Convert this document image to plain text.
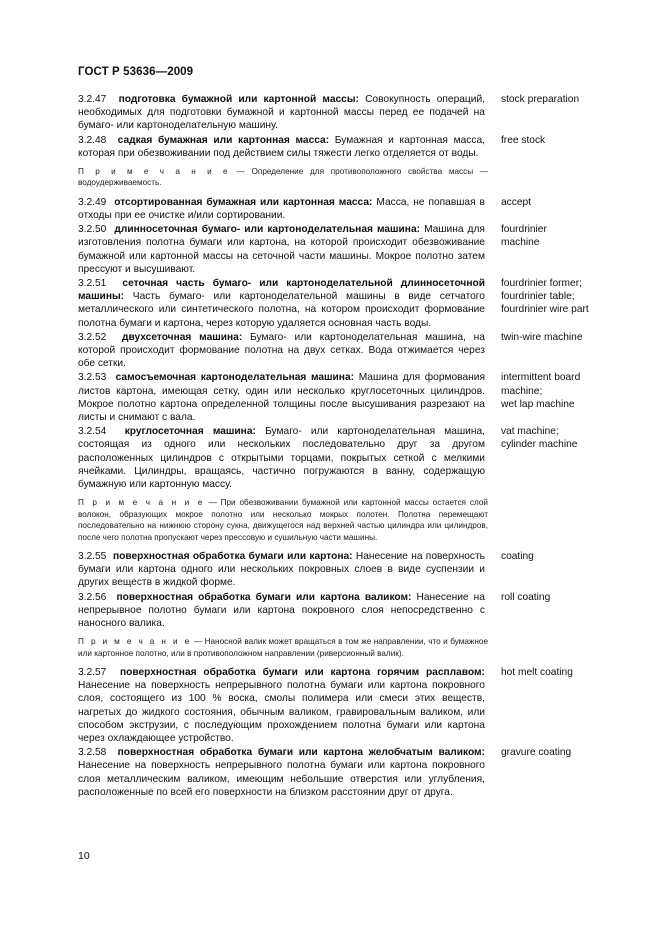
ГОСТ Р 53636—2009
3.2.47 подготовка бумажной или картонной массы: Совокупность операций, необходимых для подготовки бумажной и картонной массы перед ее подачей на бумаго- или картоноделательную машину.
stock preparation
3.2.48 садкая бумажная или картонная масса: Бумажная и картонная масса, которая при обезвоживании под действием силы тяжести легко отделяется от воды.
free stock
П р и м е ч а н и е — Определение для противоположного свойства массы — водоудерживаемость.
3.2.49 отсортированная бумажная или картонная масса: Масса, не попавшая в отходы при ее очистке и/или сортировании.
accept
3.2.50 длинносеточная бумаго- или картоноделательная машина: Машина для изготовления полотна бумаги или картона, на которой происходит обезвоживание бумажной или картонной массы на сеточной части машины. Мокрое полотно затем прессуют и высушивают.
fourdrinier
machine
3.2.51 сеточная часть бумаго- или картоноделательной длинносеточной машины: Часть бумаго- или картоноделательной машины в виде сетчатого металлического или синтетического полотна, на котором происходит формование полотна бумаги и картона, через которую удаляется основная часть воды.
fourdrinier former;
fourdrinier table;
fourdrinier wire part
3.2.52 двухсеточная машина: Бумаго- или картоноделательная машина, на которой происходит формование полотна на двух сетках. Вода отжимается через обе сетки.
twin-wire machine
3.2.53 самосъемочная картоноделательная машина: Машина для формования листов картона, имеющая сетку, один или несколько круглосеточных цилиндров. Мокрое полотно картона определенной толщины после высушивания разрезают на листы и снимают с вала.
intermittent board
machine;
wet lap machine
3.2.54 круглосеточная машина: Бумаго- или картоноделательная машина, состоящая из одного или нескольких последовательно друг за другом расположенных цилиндров с открытыми торцами, покрытых сеткой с мелкими ячейками. Цилиндры, вращаясь, частично погружаются в ванну, содержащую бумажную или картонную массу.
vat machine;
cylinder machine
П р и м е ч а н и е — При обезвоживании бумажной или картонной массы остается слой волокон, образующих мокрое полотно или несколько мокрых полотен. Полотна перемещают последовательно на нижнюю сторону сукна, движущегося над верхней частью цилиндра или цилиндров, после чего полотна пропускают через прессовую и сушильную части машины.
3.2.55 поверхностная обработка бумаги или картона: Нанесение на поверхность бумаги или картона одного или нескольких покровных слоев в виде суспензии и других веществ в жидкой форме.
coating
3.2.56 поверхностная обработка бумаги или картона валиком: Нанесение на непрерывное полотно бумаги или картона покровного слоя непосредственно с наносного валика.
roll coating
П р и м е ч а н и е — Наносной валик может вращаться в том же направлении, что и бумажное или картонное полотно, или в противоположном направлении (риверсионный валик).
3.2.57 поверхностная обработка бумаги или картона горячим расплавом: Нанесение на поверхность непрерывного полотна бумаги или картона покровного слоя, состоящего из 100 % воска, смолы полимера или смеси этих веществ, нагретых до жидкого состояния, обычным валиком, гравировальным валиком, или способом экструзии, с последующим прохождением полотна бумаги или картона через охлаждающее устройство.
hot melt coating
3.2.58 поверхностная обработка бумаги или картона желобчатым валиком: Нанесение на поверхность непрерывного полотна бумаги или картона покровного слоя металлическим валиком, имеющим небольшие отверстия или углубления, расположенные по всей его поверхности на близком расстоянии друг от друга.
gravure coating
10
